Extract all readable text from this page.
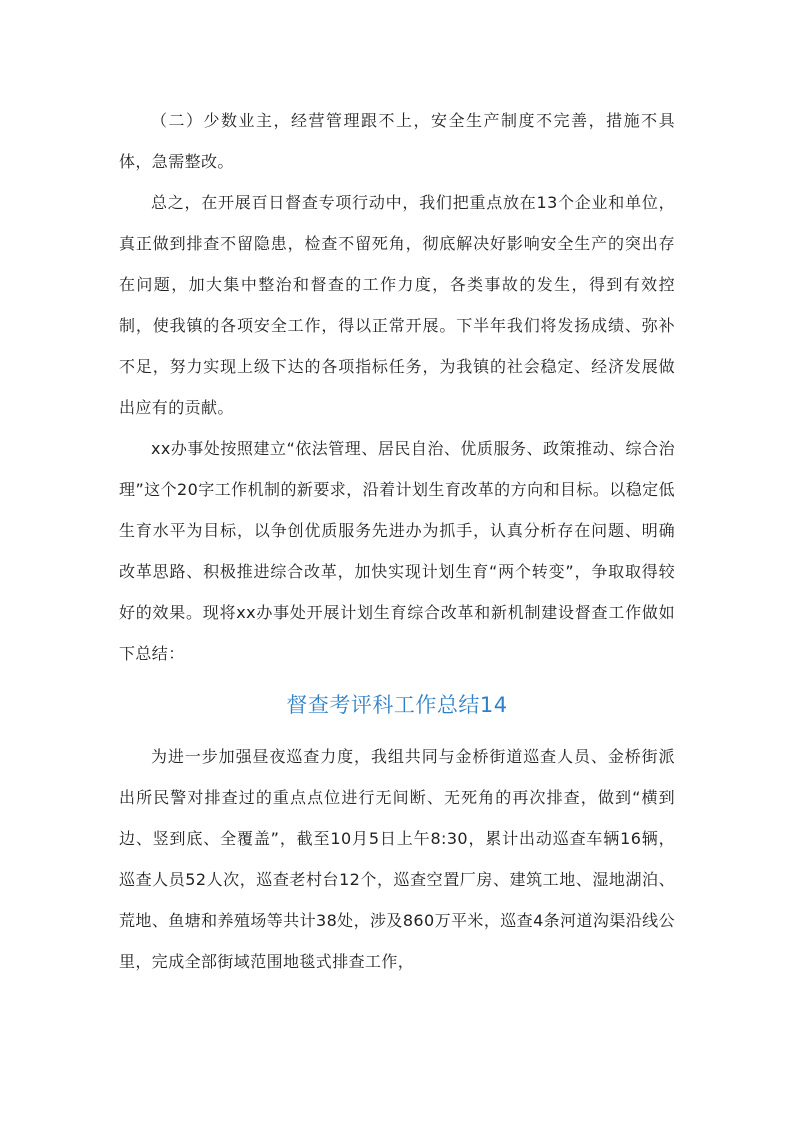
（二）少数业主，经营管理跟不上，安全生产制度不完善，措施不具体，急需整改。

总之，在开展百日督查专项行动中，我们把重点放在13个企业和单位，真正做到排查不留隐患，检查不留死角，彻底解决好影响安全生产的突出存在问题，加大集中整治和督查的工作力度，各类事故的发生，得到有效控制，使我镇的各项安全工作，得以正常开展。下半年我们将发扬成绩、弥补不足，努力实现上级下达的各项指标任务，为我镇的社会稳定、经济发展做出应有的贡献。

xx办事处按照建立“依法管理、居民自治、优质服务、政策推动、综合治理”这个20字工作机制的新要求，沿着计划生育改革的方向和目标。以稳定低生育水平为目标，以争创优质服务先进办为抓手，认真分析存在问题、明确改革思路、积极推进综合改革，加快实现计划生育“两个转变”，争取取得较好的效果。现将xx办事处开展计划生育综合改革和新机制建设督查工作做如下总结：

督查考评科工作总结14

为进一步加强昼夜巡查力度，我组共同与金桥街道巡查人员、金桥街派出所民警对排查过的重点点位进行无间断、无死角的再次排查，做到“横到边、竖到底、全覆盖”，截至10月5日上午8:30，累计出动巡查车辆16辆，巡查人员52人次，巡查老村台12个，巡查空置厂房、建筑工地、湿地湖泊、荒地、鱼塘和养殖场等共计38处，涉及860万平米，巡查4条河道沟渠沿线公里，完成全部街域范围地毯式排查工作，
